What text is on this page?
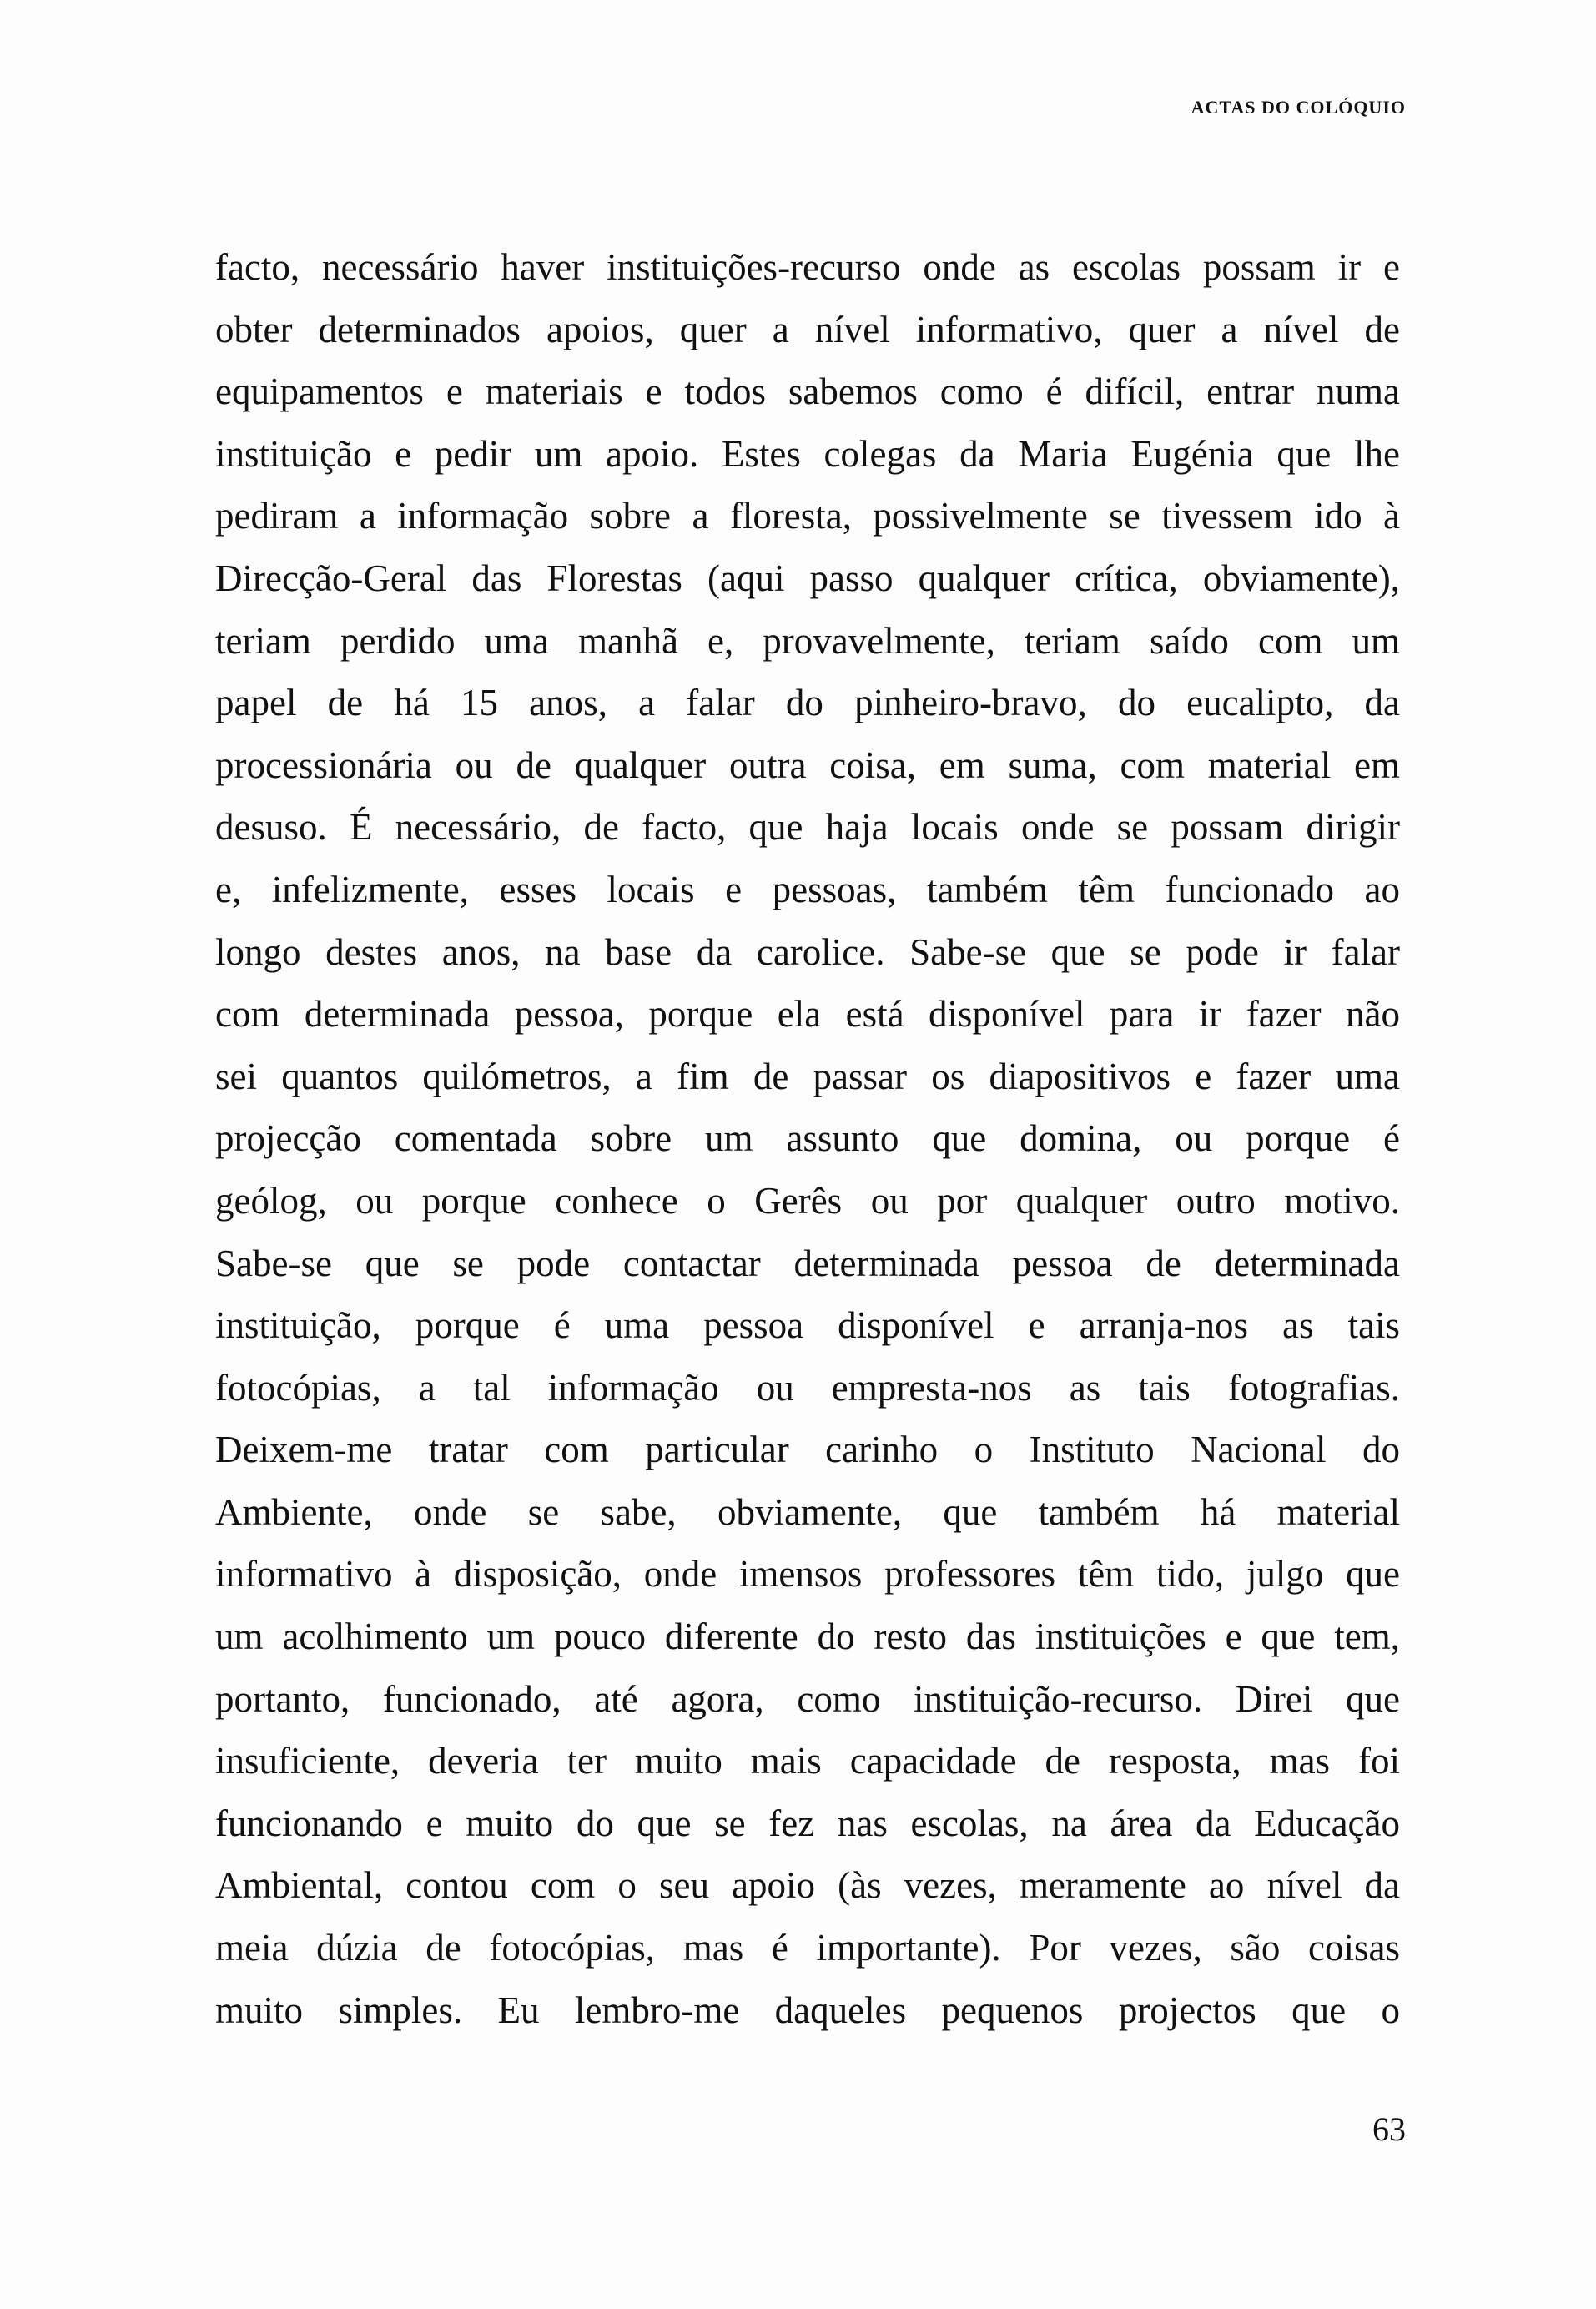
ACTAS DO COLÓQUIO
facto, necessário haver instituições-recurso onde as escolas possam ir e
obter determinados apoios, quer a nível informativo, quer a nível de
equipamentos e materiais e todos sabemos como é difícil, entrar numa
instituição e pedir um apoio. Estes colegas da Maria Eugénia que lhe
pediram a informação sobre a floresta, possivelmente se tivessem ido à
Direcção-Geral das Florestas (aqui passo qualquer crítica, obviamente),
teriam perdido uma manhã e, provavelmente, teriam saído com um
papel de há 15 anos, a falar do pinheiro-bravo, do eucalipto, da
processionária ou de qualquer outra coisa, em suma, com material em
desuso. É necessário, de facto, que haja locais onde se possam dirigir
e, infelizmente, esses locais e pessoas, também têm funcionado ao
longo destes anos, na base da carolice. Sabe-se que se pode ir falar
com determinada pessoa, porque ela está disponível para ir fazer não
sei quantos quilómetros, a fim de passar os diapositivos e fazer uma
projecção comentada sobre um assunto que domina, ou porque é
geólog, ou porque conhece o Gerês ou por qualquer outro motivo.
Sabe-se que se pode contactar determinada pessoa de determinada
instituição, porque é uma pessoa disponível e arranja-nos as tais
fotocópias, a tal informação ou empresta-nos as tais fotografias.
Deixem-me tratar com particular carinho o Instituto Nacional do
Ambiente, onde se sabe, obviamente, que também há material
informativo à disposição, onde imensos professores têm tido, julgo que
um acolhimento um pouco diferente do resto das instituições e que tem,
portanto, funcionado, até agora, como instituição-recurso. Direi que
insuficiente, deveria ter muito mais capacidade de resposta, mas foi
funcionando e muito do que se fez nas escolas, na área da Educação
Ambiental, contou com o seu apoio (às vezes, meramente ao nível da
meia dúzia de fotocópias, mas é importante). Por vezes, são coisas
muito simples. Eu lembro-me daqueles pequenos projectos que o
63
